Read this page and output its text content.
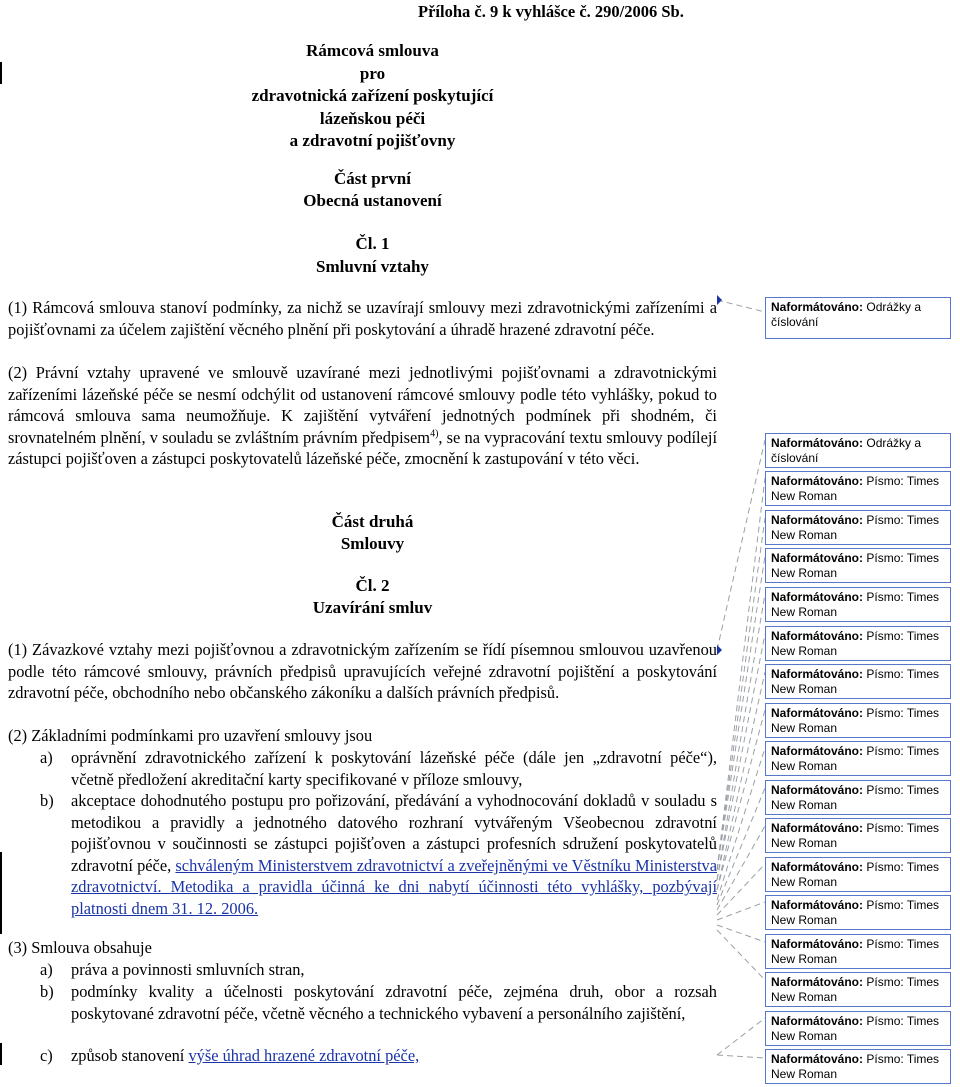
Příloha č. 9 k vyhlášce č. 290/2006 Sb.
Rámcová smlouva
pro
zdravotnická zařízení poskytující
lázeňskou péči
a zdravotní pojišťovny
Část první
Obecná ustanovení
Čl. 1
Smluvní vztahy
(1) Rámcová smlouva stanoví podmínky, za nichž se uzavírají smlouvy mezi zdravotnickými zařízeními a pojišťovnami za účelem zajištění věcného plnění při poskytování a úhradě hrazené zdravotní péče.
(2) Právní vztahy upravené ve smlouvě uzavírané mezi jednotlivými pojišťovnami a zdravotnickými zařízeními lázeňské péče se nesmí odchýlit od ustanovení rámcové smlouvy podle této vyhlášky, pokud to rámcová smlouva sama neumožňuje. K zajištění vytváření jednotných podmínek při shodném, či srovnatelném plnění, v souladu se zvláštním právním předpisem$^{4)}$, se na vypracování textu smlouvy podílejí zástupci pojišťoven a zástupci poskytovatelů lázeňské péče, zmocnění k zastupování v této věci.
Část druhá
Smlouvy
Čl. 2
Uzavírání smluv
(1) Závazkové vztahy mezi pojišťovnou a zdravotnickým zařízením se řídí písemnou smlouvou uzavřenou podle této rámcové smlouvy, právních předpisů upravujících veřejné zdravotní pojištění a poskytování zdravotní péče, obchodního nebo občanského zákoníku a dalších právních předpisů.
(2) Základními podmínkami pro uzavření smlouvy jsou
a) oprávnění zdravotnického zařízení k poskytování lázeňské péče (dále jen „zdravotní péče“), včetně předložení akreditační karty specifikované v příloze smlouvy,
b) akceptace dohodnutého postupu pro pořizování, předávání a vyhodnocování dokladů v souladu s metodikou a pravidly a jednotného datového rozhraní vytvářeným Všeobecnou zdravotní pojišťovnou v součinnosti se zástupci pojišťoven a zástupci profesních sdružení poskytovatelů zdravotní péče, schváleným Ministerstvem zdravotnictví a zveřejněnými ve Věstníku Ministerstva zdravotnictví. Metodika a pravidla účinná ke dni nabytí účinnosti této vyhlášky, pozbývají platnosti dnem 31. 12. 2006.
(3) Smlouva obsahuje
a) práva a povinnosti smluvních stran,
b) podmínky kvality a účelnosti poskytování zdravotní péče, zejména druh, obor a rozsah poskytované zdravotní péče, včetně věcného a technického vybavení a personálního zajištění,
c) způsob stanovení výše úhrad hrazené zdravotní péče,
Naformátováno: Odrážky a číslování
Naformátováno: Odrážky a číslování
Naformátováno: Písmo: Times New Roman
Naformátováno: Písmo: Times New Roman
Naformátováno: Písmo: Times New Roman
Naformátováno: Písmo: Times New Roman
Naformátováno: Písmo: Times New Roman
Naformátováno: Písmo: Times New Roman
Naformátováno: Písmo: Times New Roman
Naformátováno: Písmo: Times New Roman
Naformátováno: Písmo: Times New Roman
Naformátováno: Písmo: Times New Roman
Naformátováno: Písmo: Times New Roman
Naformátováno: Písmo: Times New Roman
Naformátováno: Písmo: Times New Roman
Naformátováno: Písmo: Times New Roman
Naformátováno: Písmo: Times New Roman
Naformátováno: Písmo: Times New Roman
